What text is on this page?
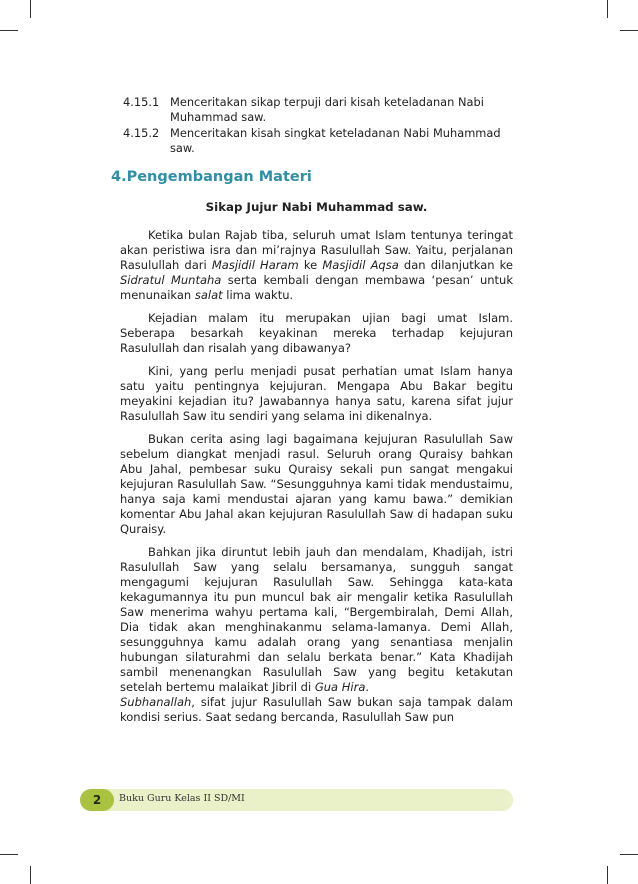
4.15.1 Menceritakan sikap terpuji dari kisah keteladanan Nabi Muhammad saw.
4.15.2 Menceritakan kisah singkat keteladanan Nabi Muhammad saw.
4.Pengembangan Materi
Sikap Jujur Nabi Muhammad saw.

Ketika bulan Rajab tiba, seluruh umat Islam tentunya teringat akan peristiwa isra dan mi’rajnya Rasulullah Saw. Yaitu, perjalanan Rasulullah dari Masjidil Haram ke Masjidil Aqsa dan dilanjutkan ke Sidratul Muntaha serta kembali dengan membawa ‘pesan’ untuk menunaikan salat lima waktu.

Kejadian malam itu merupakan ujian bagi umat Islam. Seberapa besarkah keyakinan mereka terhadap kejujuran Rasulullah dan risalah yang dibawanya?

Kini, yang perlu menjadi pusat perhatian umat Islam hanya satu yaitu pentingnya kejujuran. Mengapa Abu Bakar begitu meyakini kejadian itu? Jawabannya hanya satu, karena sifat jujur Rasulullah Saw itu sendiri yang selama ini dikenalnya.

Bukan cerita asing lagi bagaimana kejujuran Rasulullah Saw sebelum diangkat menjadi rasul. Seluruh orang Quraisy bahkan Abu Jahal, pembesar suku Quraisy sekali pun sangat mengakui kejujuran Rasulullah Saw. “Sesungguhnya kami tidak mendustaimu, hanya saja kami mendustai ajaran yang kamu bawa.” demikian komentar Abu Jahal akan kejujuran Rasulullah Saw di hadapan suku Quraisy.

Bahkan jika diruntut lebih jauh dan mendalam, Khadijah, istri Rasulullah Saw yang selalu bersamanya, sungguh sangat mengagumi kejujuran Rasulullah Saw. Sehingga kata-kata kekagumannya itu pun muncul bak air mengalir ketika Rasulullah Saw menerima wahyu pertama kali, “Bergembiralah, Demi Allah, Dia tidak akan menghinakanmu selama-lamanya. Demi Allah, sesungguhnya kamu adalah orang yang senantiasa menjalin hubungan silaturahmi dan selalu berkata benar.” Kata Khadijah sambil menenangkan Rasulullah Saw yang begitu ketakutan setelah bertemu malaikat Jibril di Gua Hira.

Subhanallah, sifat jujur Rasulullah Saw bukan saja tampak dalam kondisi serius. Saat sedang bercanda, Rasulullah Saw pun

2	Buku Guru Kelas II SD/MI
